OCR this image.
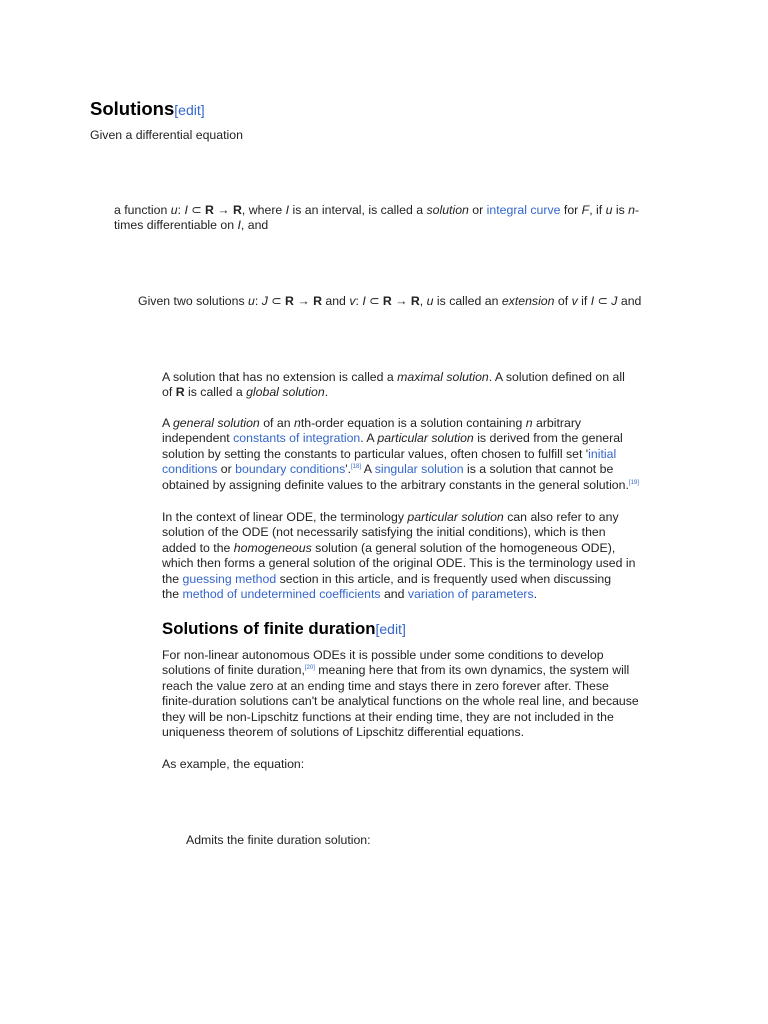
Solutions[edit]

Given a differential equation

a function u: I ⊂ R → R, where I is an interval, is called a solution or integral curve for F, if u is n-
times differentiable on I, and

Given two solutions u: J ⊂ R → R and v: I ⊂ R → R, u is called an extension of v if I ⊂ J and

A solution that has no extension is called a maximal solution. A solution defined on all
of R is called a global solution.

A general solution of an nth-order equation is a solution containing n arbitrary
independent constants of integration. A particular solution is derived from the general
solution by setting the constants to particular values, often chosen to fulfill set 'initial
conditions or boundary conditions'.[18] A singular solution is a solution that cannot be
obtained by assigning definite values to the arbitrary constants in the general solution.[19]

In the context of linear ODE, the terminology particular solution can also refer to any
solution of the ODE (not necessarily satisfying the initial conditions), which is then
added to the homogeneous solution (a general solution of the homogeneous ODE),
which then forms a general solution of the original ODE. This is the terminology used in
the guessing method section in this article, and is frequently used when discussing
the method of undetermined coefficients and variation of parameters.

Solutions of finite duration[edit]

For non-linear autonomous ODEs it is possible under some conditions to develop
solutions of finite duration,[20] meaning here that from its own dynamics, the system will
reach the value zero at an ending time and stays there in zero forever after. These
finite-duration solutions can't be analytical functions on the whole real line, and because
they will be non-Lipschitz functions at their ending time, they are not included in the
uniqueness theorem of solutions of Lipschitz differential equations.

As example, the equation:

Admits the finite duration solution:
